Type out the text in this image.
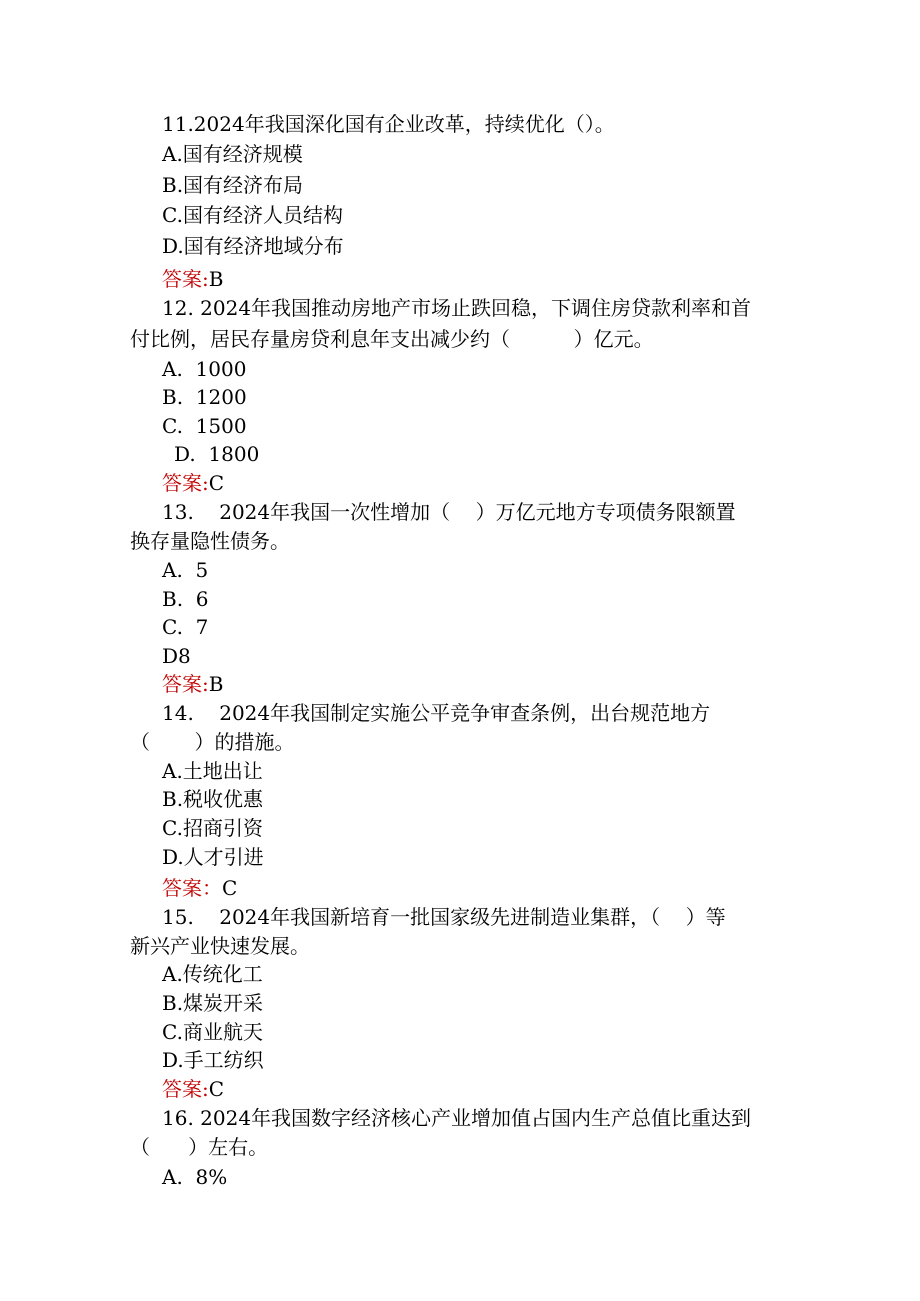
11.2024年我国深化国有企业改革，持续优化（）。
A.国有经济规模
B.国有经济布局
C.国有经济人员结构
D.国有经济地域分布
答案:B
12. 2024年我国推动房地产市场止跌回稳，下调住房贷款利率和首
付比例，居民存量房贷利息年支出减少约（          ）亿元。
A.  1000
B.  1200
C.  1500
D.  1800
答案:C
13.    2024年我国一次性增加（    ）万亿元地方专项债务限额置
换存量隐性债务。
A.  5
B.  6
C.  7
D8
答案:B
14.    2024年我国制定实施公平竞争审查条例，出台规范地方
（       ）的措施。
A.土地出让
B.税收优惠
C.招商引资
D.人才引进
答案：C
15.    2024年我国新培育一批国家级先进制造业集群，（    ）等
新兴产业快速发展。
A.传统化工
B.煤炭开采
C.商业航天
D.手工纺织
答案:C
16. 2024年我国数字经济核心产业增加值占国内生产总值比重达到
（      ）左右。
A.  8%
